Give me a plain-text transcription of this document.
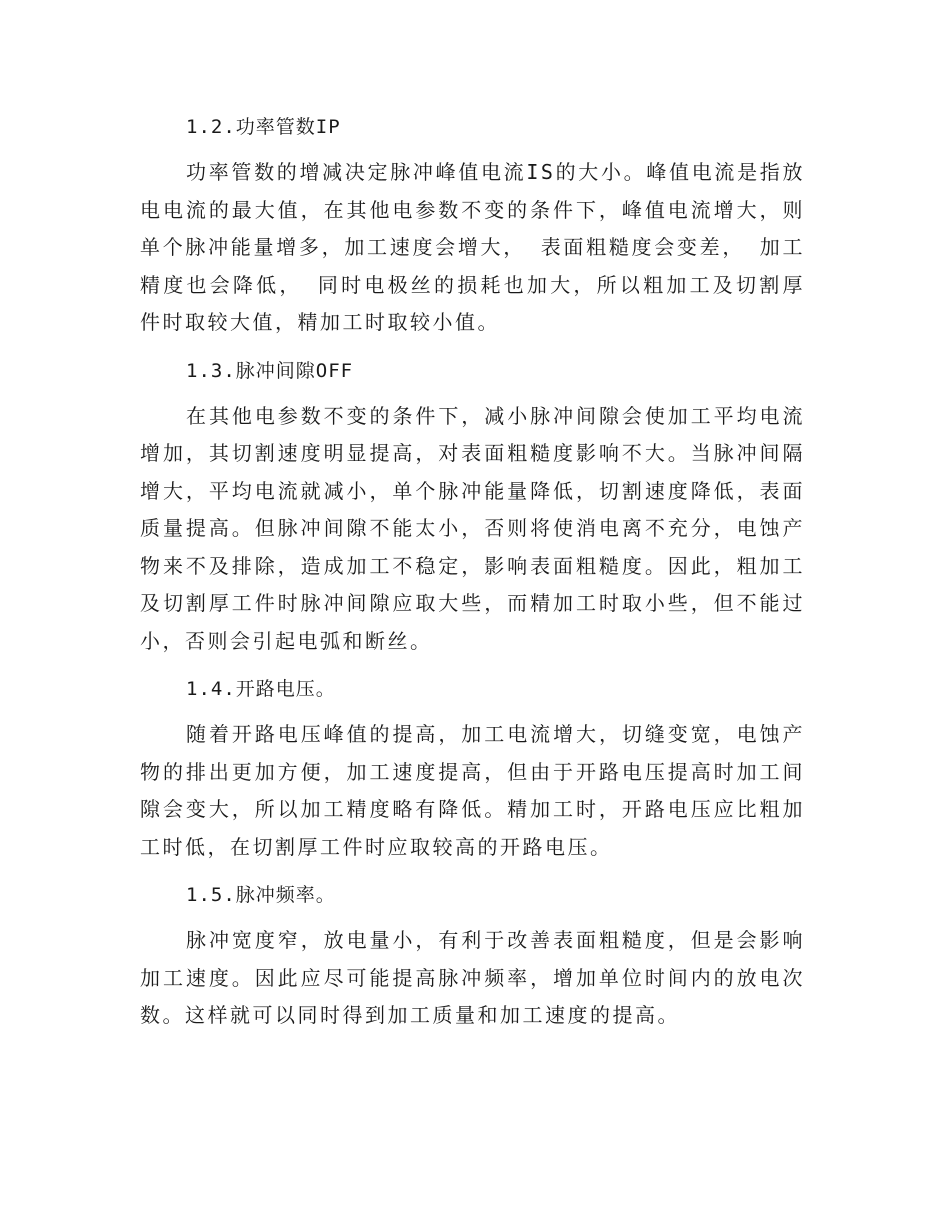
1.2.功率管数IP

功率管数的增减决定脉冲峰值电流IS的大小。峰值电流是指放电电流的最大值，在其他电参数不变的条件下，峰值电流增大，则单个脉冲能量增多，加工速度会增大， 表面粗糙度会变差， 加工精度也会降低， 同时电极丝的损耗也加大，所以粗加工及切割厚件时取较大值，精加工时取较小值。

1.3.脉冲间隙OFF

在其他电参数不变的条件下，减小脉冲间隙会使加工平均电流增加，其切割速度明显提高，对表面粗糙度影响不大。当脉冲间隔增大，平均电流就减小，单个脉冲能量降低，切割速度降低，表面质量提高。但脉冲间隙不能太小，否则将使消电离不充分，电蚀产物来不及排除，造成加工不稳定，影响表面粗糙度。因此，粗加工及切割厚工件时脉冲间隙应取大些，而精加工时取小些，但不能过小，否则会引起电弧和断丝。

1.4.开路电压。

随着开路电压峰值的提高，加工电流增大，切缝变宽，电蚀产物的排出更加方便，加工速度提高，但由于开路电压提高时加工间隙会变大，所以加工精度略有降低。精加工时，开路电压应比粗加工时低，在切割厚工件时应取较高的开路电压。

1.5.脉冲频率。

脉冲宽度窄，放电量小，有利于改善表面粗糙度，但是会影响加工速度。因此应尽可能提高脉冲频率，增加单位时间内的放电次数。这样就可以同时得到加工质量和加工速度的提高。
